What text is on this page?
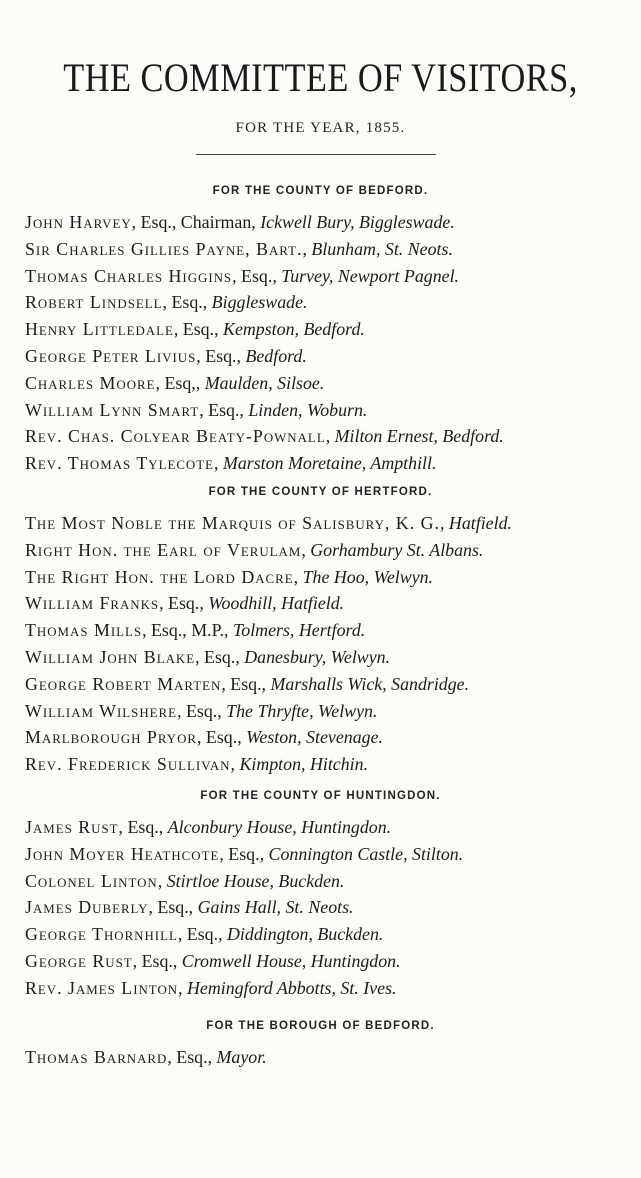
THE COMMITTEE OF VISITORS,
FOR THE YEAR, 1855.
FOR THE COUNTY OF BEDFORD.
John Harvey, Esq., Chairman, Ickwell Bury, Biggleswade.
Sir Charles Gillies Payne, Bart., Blunham, St. Neots.
Thomas Charles Higgins, Esq., Turvey, Newport Pagnel.
Robert Lindsell, Esq., Biggleswade.
Henry Littledale, Esq., Kempston, Bedford.
George Peter Livius, Esq., Bedford.
Charles Moore, Esq,, Maulden, Silsoe.
William Lynn Smart, Esq., Linden, Woburn.
Rev. Chas. Colyear Beaty-Pownall, Milton Ernest, Bedford.
Rev. Thomas Tylecote, Marston Moretaine, Ampthill.
FOR THE COUNTY OF HERTFORD.
The Most Noble the Marquis of Salisbury, K. G., Hatfield.
Right Hon. the Earl of Verulam, Gorhambury St. Albans.
The Right Hon. the Lord Dacre, The Hoo, Welwyn.
William Franks, Esq., Woodhill, Hatfield.
Thomas Mills, Esq., M.P., Tolmers, Hertford.
William John Blake, Esq., Danesbury, Welwyn.
George Robert Marten, Esq., Marshalls Wick, Sandridge.
William Wilshere, Esq., The Thryfte, Welwyn.
Marlborough Pryor, Esq., Weston, Stevenage.
Rev. Frederick Sullivan, Kimpton, Hitchin.
FOR THE COUNTY OF HUNTINGDON.
James Rust, Esq., Alconbury House, Huntingdon.
John Moyer Heathcote, Esq., Connington Castle, Stilton.
Colonel Linton, Stirtloe House, Buckden.
James Duberly, Esq., Gains Hall, St. Neots.
George Thornhill, Esq., Diddington, Buckden.
George Rust, Esq., Cromwell House, Huntingdon.
Rev. James Linton, Hemingford Abbotts, St. Ives.
FOR THE BOROUGH OF BEDFORD.
Thomas Barnard, Esq., Mayor.
